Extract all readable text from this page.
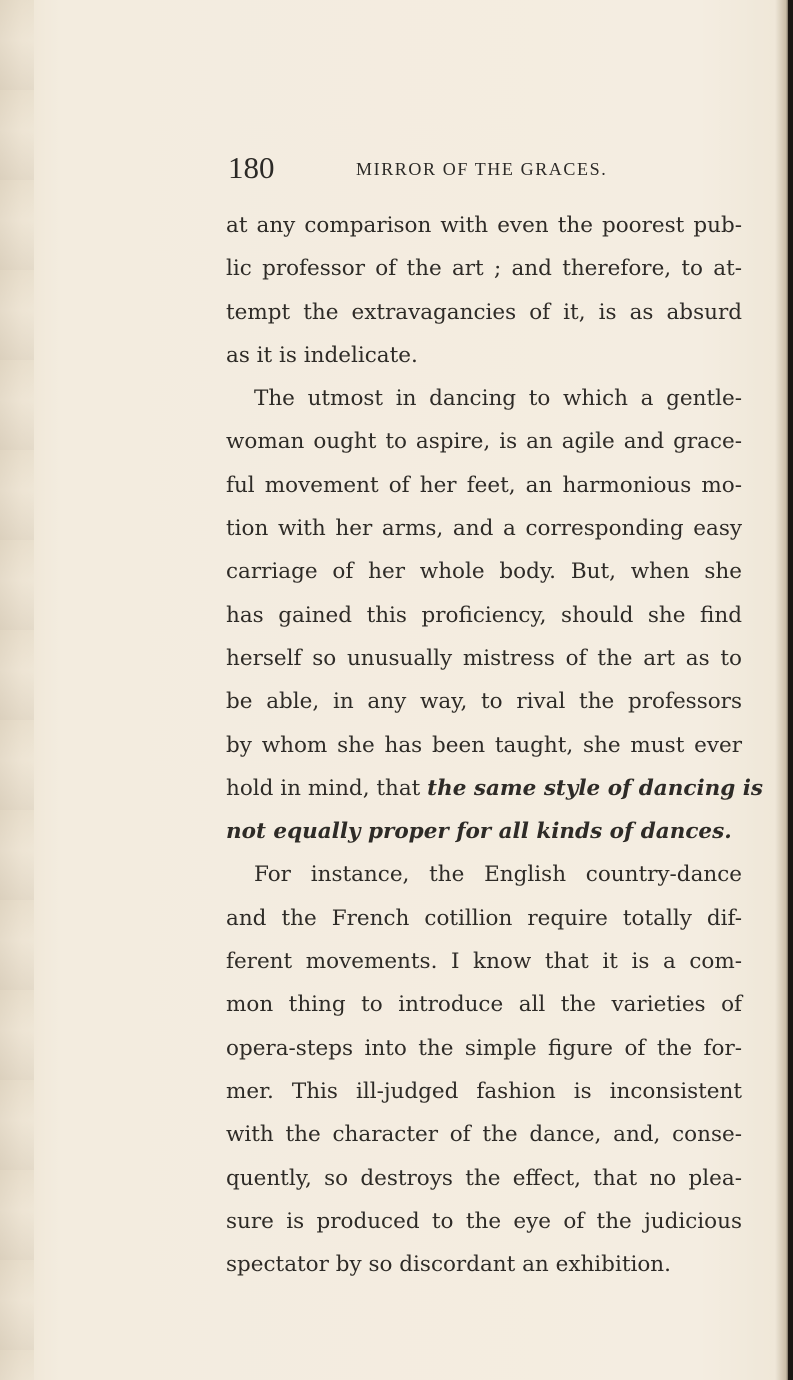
180	MIRROR OF THE GRACES.
at any comparison with even the poorest pub-
lic professor of the art ; and therefore, to at-
tempt the extravagancies of it, is as absurd
as it is indelicate.
The utmost in dancing to which a gentle-
woman ought to aspire, is an agile and grace-
ful movement of her feet, an harmonious mo-
tion with her arms, and a corresponding easy
carriage of her whole body. But, when she
has gained this proficiency, should she find
herself so unusually mistress of the art as to
be able, in any way, to rival the professors
by whom she has been taught, she must ever
hold in mind, that the same style of dancing is
not equally proper for all kinds of dances.
For instance, the English country-dance
and the French cotillion require totally dif-
ferent movements. I know that it is a com-
mon thing to introduce all the varieties of
opera-steps into the simple figure of the for-
mer. This ill-judged fashion is inconsistent
with the character of the dance, and, conse-
quently, so destroys the effect, that no plea-
sure is produced to the eye of the judicious
spectator by so discordant an exhibition.
